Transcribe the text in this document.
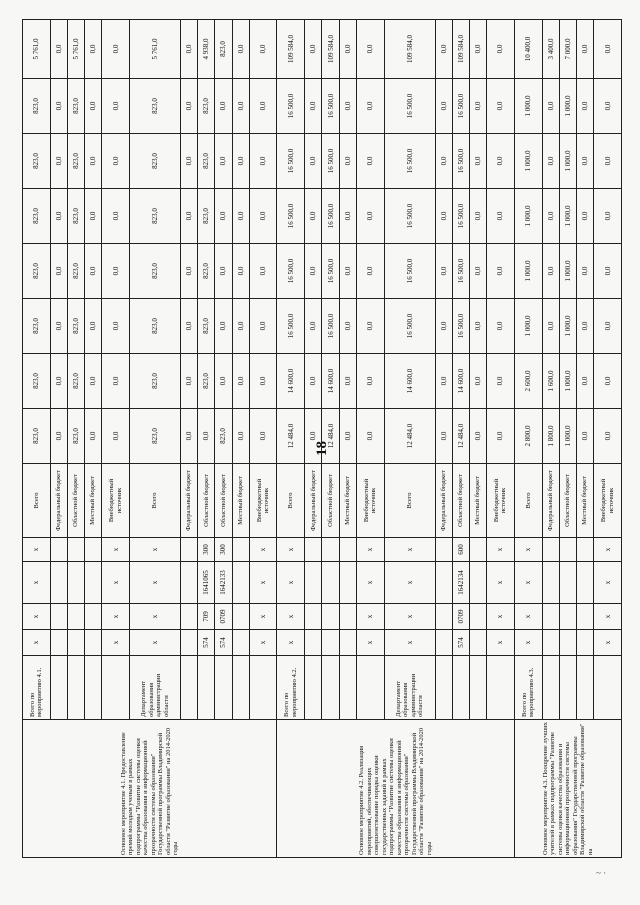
18
Основное мероприятие 4.1. Предоставление премий молодым ученым в рамках подпрограммы "Развитие системы оценки качества образования и информационной прозрачности системы образования" Государственной программы Владимирской области "Развитие образования" на 2014-2020 годы	Всего по мероприятию 4.1.	x	x	x	x	Всего	823,0	823,0	823,0	823,0	823,0	823,0	823,0	5 761,0
						Федеральный бюджет	0,0	0,0	0,0	0,0	0,0	0,0	0,0	0,0
						Областной бюджет	823,0	823,0	823,0	823,0	823,0	823,0	823,0	5 761,0
						Местный бюджет	0,0	0,0	0,0	0,0	0,0	0,0	0,0	0,0
		x	x	x	x	Внебюджетный источник	0,0	0,0	0,0	0,0	0,0	0,0	0,0	0,0
	Департамент образования администрации области	x	x	x	x	Всего	823,0	823,0	823,0	823,0	823,0	823,0	823,0	5 761,0
						Федеральный бюджет	0,0	0,0	0,0	0,0	0,0	0,0	0,0	0,0
		574	709	1641065	300	Областной бюджет	0,0	823,0	823,0	823,0	823,0	823,0	823,0	4 938,0
		574	0709	1642133	300	Областной бюджет	823,0	0,0	0,0	0,0	0,0	0,0	0,0	823,0
						Местный бюджет	0,0	0,0	0,0	0,0	0,0	0,0	0,0	0,0
		x	x	x	x	Внебюджетный источник	0,0	0,0	0,0	0,0	0,0	0,0	0,0	0,0
Основное мероприятие 4.2. Реализация мероприятий, обеспечивающих совершенствование порядка оценки государственных заданий в рамках подпрограммы "Развитие системы оценки качества образования и информационной прозрачности системы образования" Государственной программы Владимирской области "Развитие образования" на 2014-2020 годы	Всего по мероприятию 4.2.	x	x	x	x	Всего	12 484,0	14 600,0	16 500,0	16 500,0	16 500,0	16 500,0	16 500,0	109 584,0
						Федеральный бюджет	0,0	0,0	0,0	0,0	0,0	0,0	0,0	0,0
						Областной бюджет	12 484,0	14 600,0	16 500,0	16 500,0	16 500,0	16 500,0	16 500,0	109 584,0
						Местный бюджет	0,0	0,0	0,0	0,0	0,0	0,0	0,0	0,0
		x	x	x	x	Внебюджетный источник	0,0	0,0	0,0	0,0	0,0	0,0	0,0	0,0
	Департамент образования администрации области	x	x	x	x	Всего	12 484,0	14 600,0	16 500,0	16 500,0	16 500,0	16 500,0	16 500,0	109 584,0
						Федеральный бюджет	0,0	0,0	0,0	0,0	0,0	0,0	0,0	0,0
		574	0709	1642134	600	Областной бюджет	12 484,0	14 600,0	16 500,0	16 500,0	16 500,0	16 500,0	16 500,0	109 584,0
						Местный бюджет	0,0	0,0	0,0	0,0	0,0	0,0	0,0	0,0
		x	x	x	x	Внебюджетный источник	0,0	0,0	0,0	0,0	0,0	0,0	0,0	0,0
Основное мероприятие 4.3. Поощрение лучших учителей в рамках подпрограммы "Развитие системы оценки качества образования и информационной прозрачности системы образования" Государственной программы Владимирской области "Развитие образования" на	Всего по мероприятию 4.3.	x	x	x	x	Всего	2 800,0	2 600,0	1 000,0	1 000,0	1 000,0	1 000,0	1 000,0	10 400,0
						Федеральный бюджет	1 800,0	1 600,0	0,0	0,0	0,0	0,0	0,0	3 400,0
						Областной бюджет	1 000,0	1 000,0	1 000,0	1 000,0	1 000,0	1 000,0	1 000,0	7 000,0
						Местный бюджет	0,0	0,0	0,0	0,0	0,0	0,0	0,0	0,0
		x	x	x	x	Внебюджетный источник	0,0	0,0	0,0	0,0	0,0	0,0	0,0	0,0
~ ·
